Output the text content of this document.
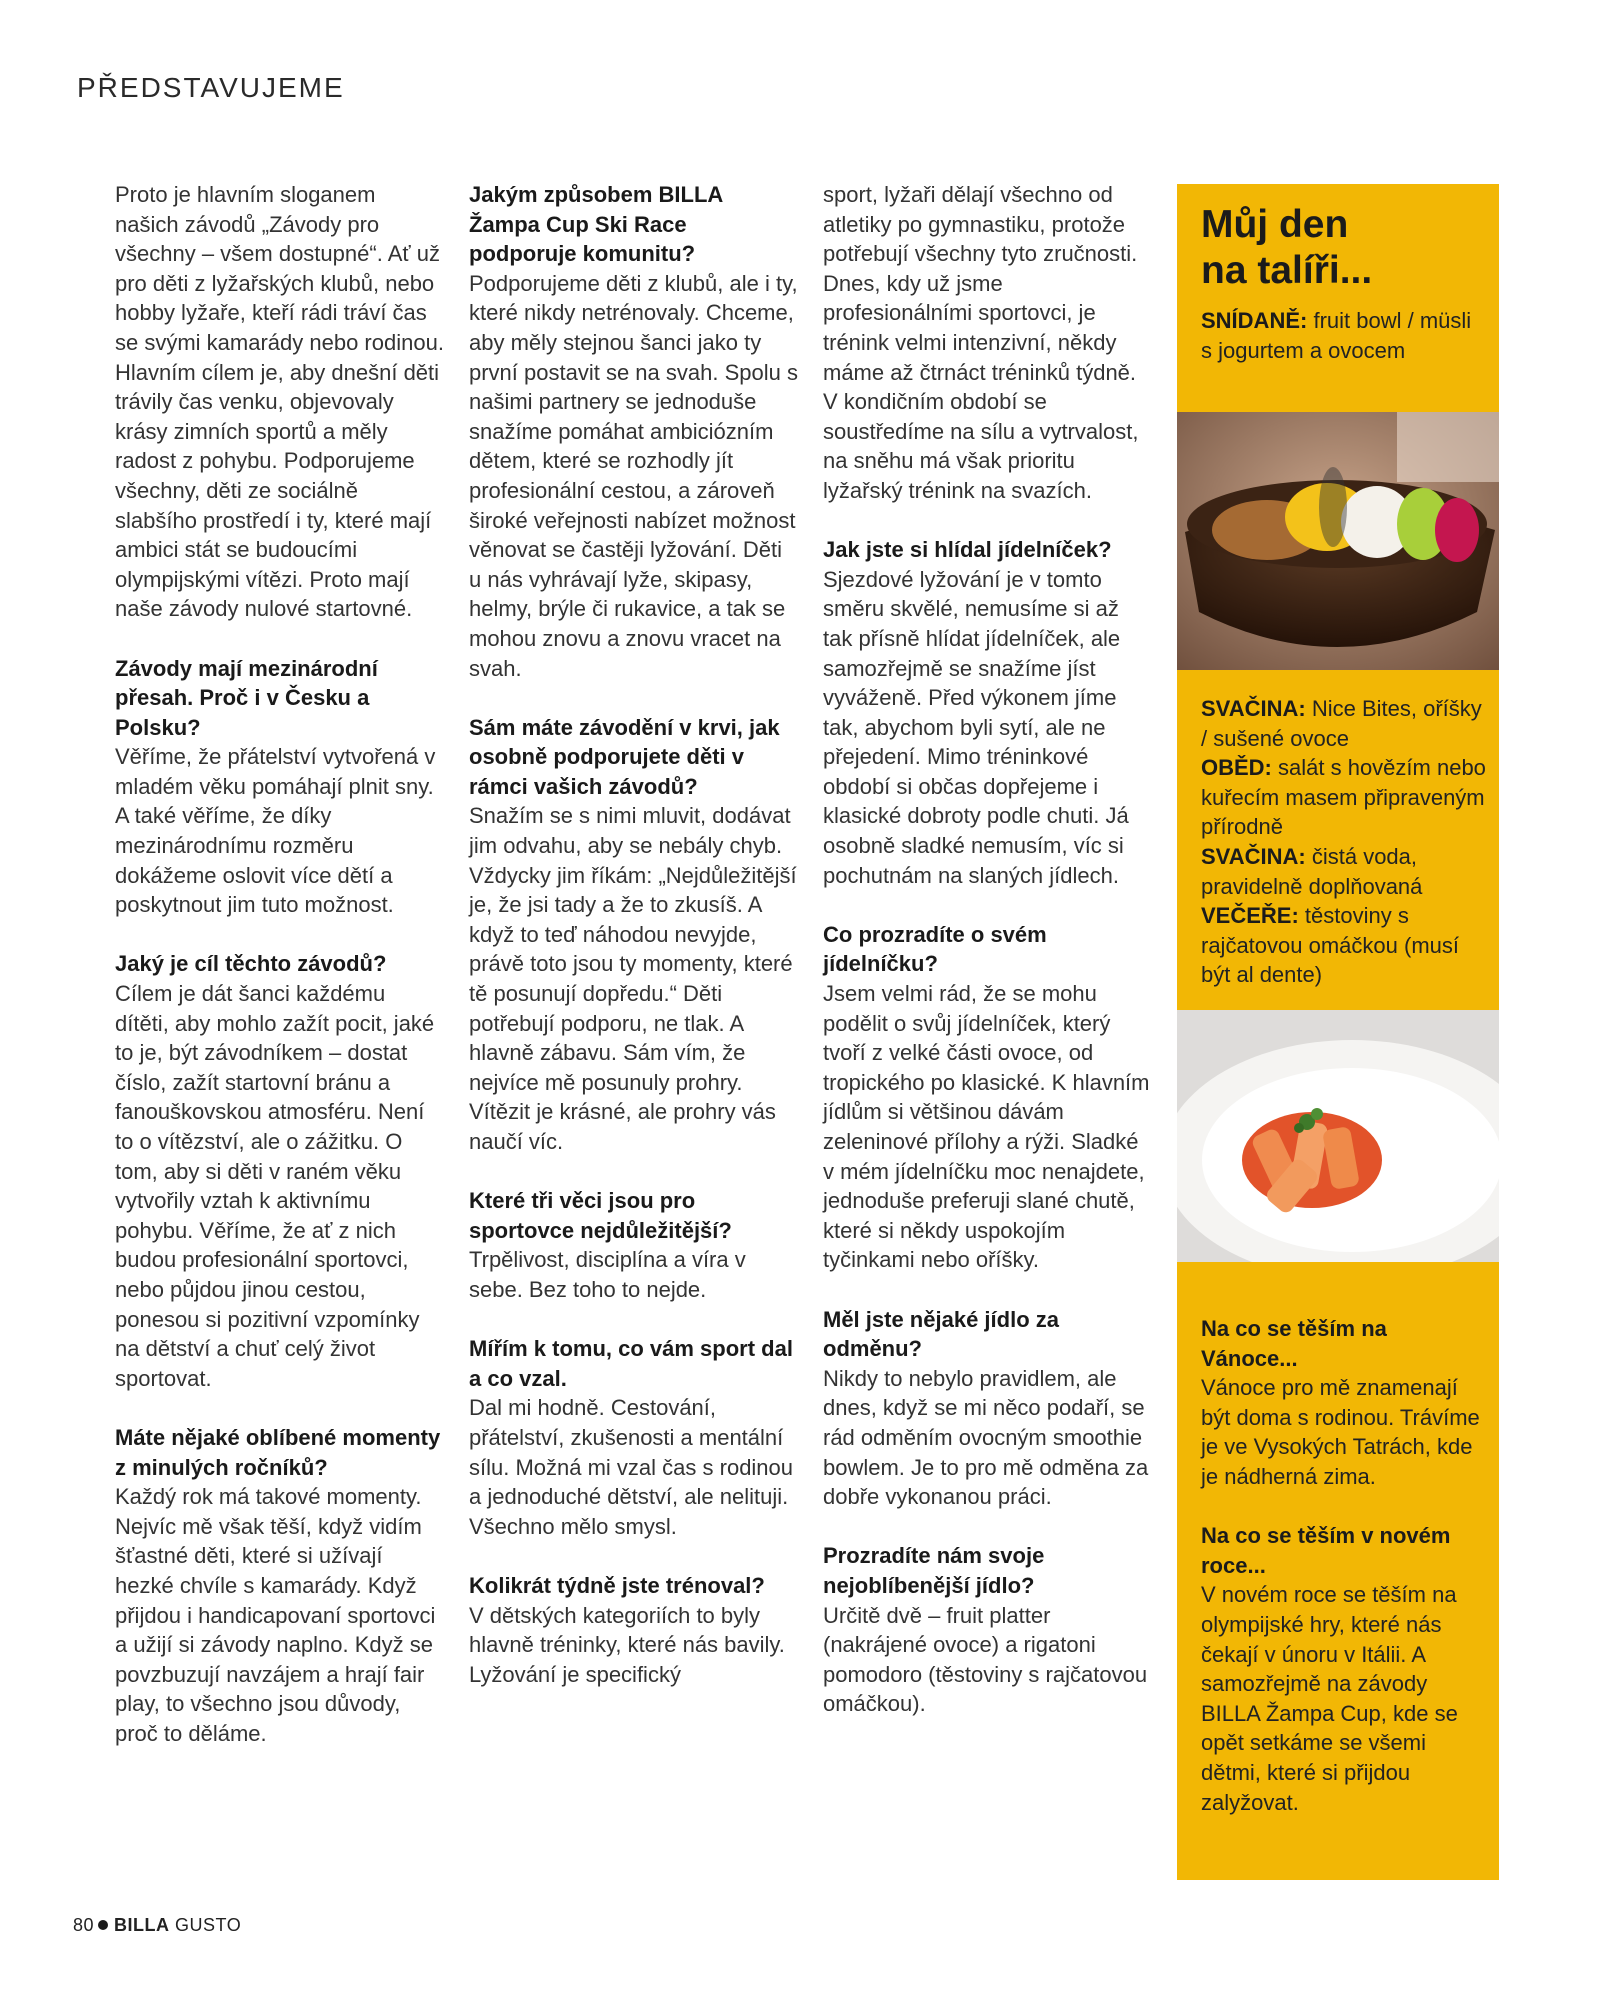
PŘEDSTAVUJEME

Proto je hlavním sloganem našich závodů „Závody pro všechny – všem dostupné“. Ať už pro děti z lyžařských klubů, nebo hobby lyžaře, kteří rádi tráví čas se svými kamarády nebo rodinou. Hlavním cílem je, aby dnešní děti trávily čas venku, objevovaly krásy zimních sportů a měly radost z pohybu. Podporujeme všechny, děti ze sociálně slabšího prostředí i ty, které mají ambici stát se budoucími olympijskými vítězi. Proto mají naše závody nulové startovné.

Závody mají mezinárodní přesah. Proč i v Česku a Polsku?
Věříme, že přátelství vytvořená v mladém věku pomáhají plnit sny. A také věříme, že díky mezinárodnímu rozměru dokážeme oslovit více dětí a poskytnout jim tuto možnost.

Jaký je cíl těchto závodů?
Cílem je dát šanci každému dítěti, aby mohlo zažít pocit, jaké to je, být závodníkem – dostat číslo, zažít startovní bránu a fanouškovskou atmosféru. Není to o vítězství, ale o zážitku. O tom, aby si děti v raném věku vytvořily vztah k aktivnímu pohybu. Věříme, že ať z nich budou profesionální sportovci, nebo půjdou jinou cestou, ponesou si pozitivní vzpomínky na dětství a chuť celý život sportovat.

Máte nějaké oblíbené momenty z minulých ročníků?
Každý rok má takové momenty. Nejvíc mě však těší, když vidím šťastné děti, které si užívají hezké chvíle s kamarády. Když přijdou i handicapovaní sportovci a užijí si závody naplno. Když se povzbuzují navzájem a hrají fair play, to všechno jsou důvody, proč to děláme.

Jakým způsobem BILLA Žampa Cup Ski Race podporuje komunitu?
Podporujeme děti z klubů, ale i ty, které nikdy netrénovaly. Chceme, aby měly stejnou šanci jako ty první postavit se na svah. Spolu s našimi partnery se jednoduše snažíme pomáhat ambiciózním dětem, které se rozhodly jít profesionální cestou, a zároveň široké veřejnosti nabízet možnost věnovat se častěji lyžování. Děti u nás vyhrávají lyže, skipasy, helmy, brýle či rukavice, a tak se mohou znovu a znovu vracet na svah.

Sám máte závodění v krvi, jak osobně podporujete děti v rámci vašich závodů?
Snažím se s nimi mluvit, dodávat jim odvahu, aby se nebály chyb. Vždycky jim říkám: „Nejdůležitější je, že jsi tady a že to zkusíš. A když to teď náhodou nevyjde, právě toto jsou ty momenty, které tě posunují dopředu.“ Děti potřebují podporu, ne tlak. A hlavně zábavu. Sám vím, že nejvíce mě posunuly prohry. Vítězit je krásné, ale prohry vás naučí víc.

Které tři věci jsou pro sportovce nejdůležitější?
Trpělivost, disciplína a víra v sebe. Bez toho to nejde.

Mířím k tomu, co vám sport dal a co vzal.
Dal mi hodně. Cestování, přátelství, zkušenosti a mentální sílu. Možná mi vzal čas s rodinou a jednoduché dětství, ale nelituji. Všechno mělo smysl.

Kolikrát týdně jste trénoval?
V dětských kategoriích to byly hlavně tréninky, které nás bavily. Lyžování je specifický

sport, lyžaři dělají všechno od atletiky po gymnastiku, protože potřebují všechny tyto zručnosti. Dnes, kdy už jsme profesionálními sportovci, je trénink velmi intenzivní, někdy máme až čtrnáct tréninků týdně. V kondičním období se soustředíme na sílu a vytrvalost, na sněhu má však prioritu lyžařský trénink na svazích.

Jak jste si hlídal jídelníček?
Sjezdové lyžování je v tomto směru skvělé, nemusíme si až tak přísně hlídat jídelníček, ale samozřejmě se snažíme jíst vyváženě. Před výkonem jíme tak, abychom byli sytí, ale ne přejedení. Mimo tréninkové období si občas dopřejeme i klasické dobroty podle chuti. Já osobně sladké nemusím, víc si pochutnám na slaných jídlech.

Co prozradíte o svém jídelníčku?
Jsem velmi rád, že se mohu podělit o svůj jídelníček, který tvoří z velké části ovoce, od tropického po klasické. K hlavním jídlům si většinou dávám zeleninové přílohy a rýži. Sladké v mém jídelníčku moc nenajdete, jednoduše preferuji slané chutě, které si někdy uspokojím tyčinkami nebo oříšky.

Měl jste nějaké jídlo za odměnu?
Nikdy to nebylo pravidlem, ale dnes, když se mi něco podaří, se rád odměním ovocným smoothie bowlem. Je to pro mě odměna za dobře vykonanou práci.

Prozradíte nám svoje nejoblíbenější jídlo?
Určitě dvě – fruit platter (nakrájené ovoce) a rigatoni pomodoro (těstoviny s rajčatovou omáčkou).

Můj den
na talíři...
SNÍDANĚ: fruit bowl / müsli s jogurtem a ovocem
SVAČINA: Nice Bites, oříšky / sušené ovoce
OBĚD: salát s hovězím nebo kuřecím masem připraveným přírodně
SVAČINA: čistá voda, pravidelně doplňovaná
VEČEŘE: těstoviny s rajčatovou omáčkou (musí být al dente)

Na co se těším na Vánoce...
Vánoce pro mě znamenají být doma s rodinou. Trávíme je ve Vysokých Tatrách, kde je nádherná zima.

Na co se těším v novém roce...
V novém roce se těším na olympijské hry, které nás čekají v únoru v Itálii. A samozřejmě na závody BILLA Žampa Cup, kde se opět setkáme se všemi dětmi, které si přijdou zalyžovat.

80 BILLA GUSTO
